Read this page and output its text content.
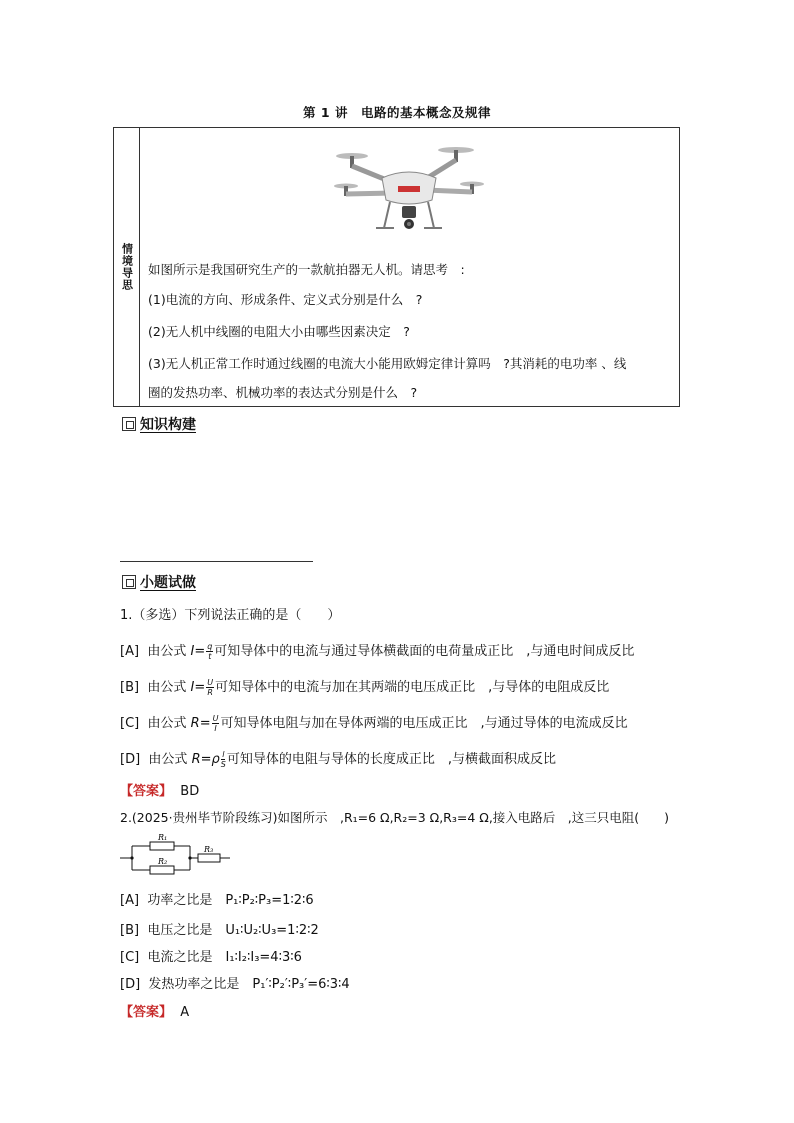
第 1 讲　电路的基本概念及规律
情境导思 如图所示是我国研究生产的一款航拍器无人机。请思考　:
(1)电流的方向、形成条件、定义式分别是什么　?
(2)无人机中线圈的电阻大小由哪些因素决定　?
(3)无人机正常工作时通过线圈的电流大小能用欧姆定律计算吗　?其消耗的电功率 、线
圈的发热功率、机械功率的表达式分别是什么　?
知识构建
小题试做
1.（多选）下列说法正确的是（　　）
[A] 由公式 $I= \frac{q}{t}$ 可知导体中的电流与通过导体横截面的电荷量成正比　,与通电时间成反比
[B] 由公式 $I= \frac{U}{R}$ 可知导体中的电流与加在其两端的电压成正比　,与导体的电阻成反比
[C] 由公式 $R= \frac{U}{I}$ 可知导体电阻与加在导体两端的电压成正比　,与通过导体的电流成反比
[D] 由公式 $R=\rho \frac{l}{S}$ 可知导体的电阻与导体的长度成正比　,与横截面积成反比
【答案】 BD
2.(2025·贵州毕节阶段练习)如图所示　,R₁=6 Ω,R₂=3 Ω,R₃=4 Ω,接入电路后　,这三只电阻(　　)
R₁
R₂
R₃
[A] 功率之比是　P₁∶P₂∶P₃=1∶2∶6
[B] 电压之比是　U₁∶U₂∶U₃=1∶2∶2
[C] 电流之比是　I₁∶I₂∶I₃=4∶3∶6
[D] 发热功率之比是　P₁′∶P₂′∶P₃′=6∶3∶4
【答案】 A
